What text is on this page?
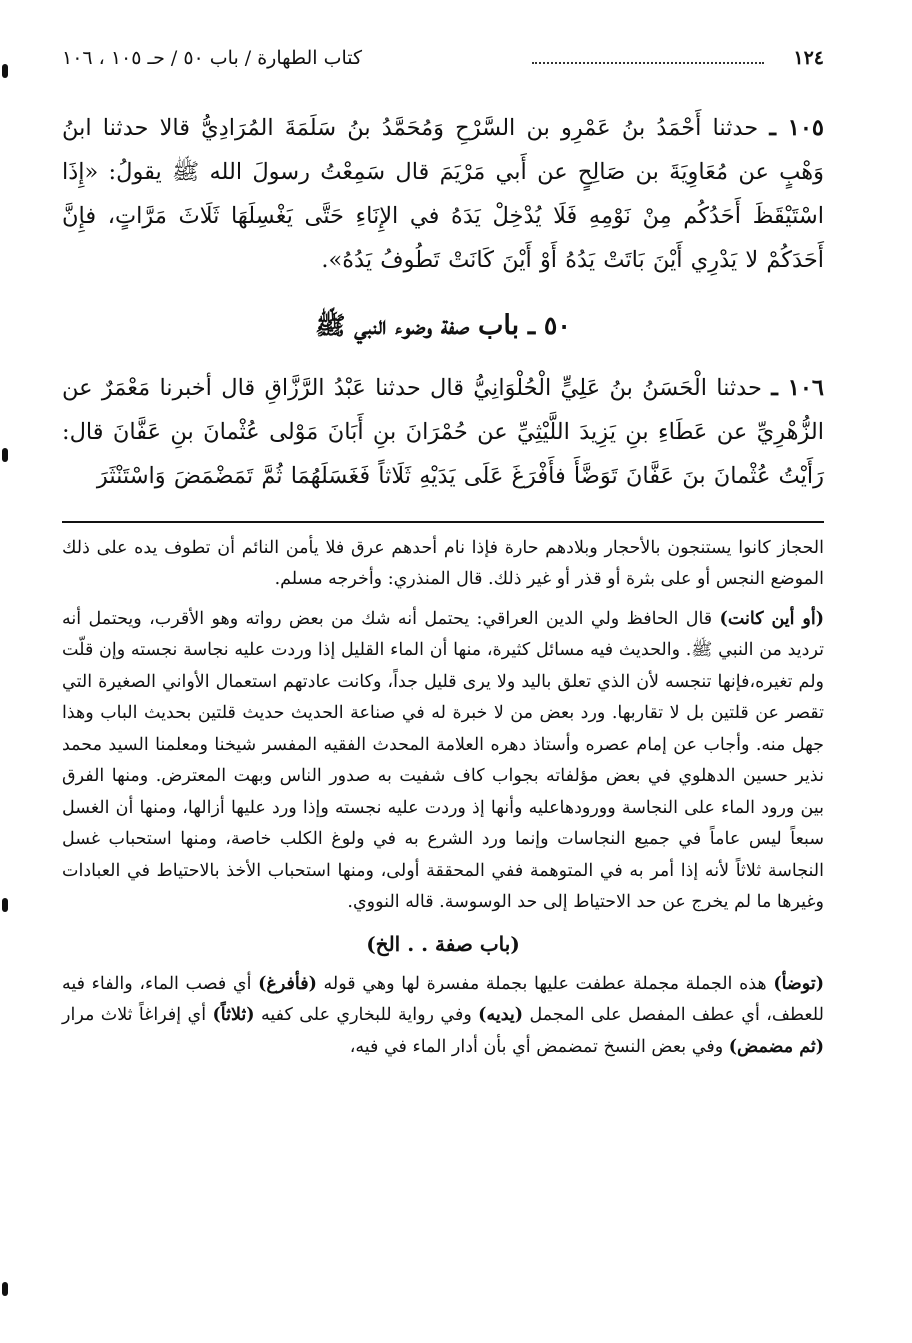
١٢٤
كتاب الطهارة / باب ٥٠ / حـ ١٠٥ ، ١٠٦

١٠٥ ـ حدثنا أَحْمَدُ بنُ عَمْرِو بن السَّرْحِ وَمُحَمَّدُ بنُ سَلَمَةَ المُرَادِيُّ قالا حدثنا ابنُ وَهْبٍ عن مُعَاوِيَةَ بن صَالِحٍ عن أَبي مَرْيَمَ قال سَمِعْتُ رسولَ الله ﷺ يقولُ: «إِذَا اسْتَيْقَظَ أَحَدُكُم مِنْ نَوْمِهِ فَلَا يُدْخِلْ يَدَهُ في الإِنَاءِ حَتَّى يَغْسِلَهَا ثَلَاثَ مَرَّاتٍ، فإِنَّ أَحَدَكُمْ لا يَدْرِي أَيْنَ بَاتَتْ يَدُهُ أَوْ أَيْنَ كَانَتْ تَطُوفُ يَدُهُ».

٥٠ ـ باب صفة وضوء النبي ﷺ

١٠٦ ـ حدثنا الْحَسَنُ بنُ عَلِيٍّ الْحُلْوَانِيُّ قال حدثنا عَبْدُ الرَّزَّاقِ قال أخبرنا مَعْمَرٌ عن الزُّهْرِيِّ عن عَطَاءِ بنِ يَزِيدَ اللَّيْثِيِّ عن حُمْرَانَ بنِ أَبَانَ مَوْلى عُثْمانَ بنِ عَفَّانَ قال: رَأَيْتُ عُثْمانَ بنَ عَفَّانَ تَوَضَّأَ فأَفْرَغَ عَلَى يَدَيْهِ ثَلَاثاً فَغَسَلَهُمَا ثُمَّ تَمَضْمَضَ وَاسْتَنْثَرَ

الحجاز كانوا يستنجون بالأحجار وبلادهم حارة فإذا نام أحدهم عرق فلا يأمن النائم أن تطوف يده على ذلك الموضع النجس أو على بثرة أو قذر أو غير ذلك. قال المنذري: وأخرجه مسلم.

(أو أين كانت) قال الحافظ ولي الدين العراقي: يحتمل أنه شك من بعض رواته وهو الأقرب، ويحتمل أنه ترديد من النبي ﷺ. والحديث فيه مسائل كثيرة، منها أن الماء القليل إذا وردت عليه نجاسة نجسته وإن قلّت ولم تغيره،فإنها تنجسه لأن الذي تعلق باليد ولا يرى قليل جداً، وكانت عادتهم استعمال الأواني الصغيرة التي تقصر عن قلتين بل لا تقاربها. ورد بعض من لا خبرة له في صناعة الحديث حديث قلتين بحديث الباب وهذا جهل منه. وأجاب عن إمام عصره وأستاذ دهره العلامة المحدث الفقيه المفسر شيخنا ومعلمنا السيد محمد نذير حسين الدهلوي في بعض مؤلفاته بجواب كاف شفيت به صدور الناس وبهت المعترض. ومنها الفرق بين ورود الماء على النجاسة وورودهاعليه وأنها إذ وردت عليه نجسته وإذا ورد عليها أزالها، ومنها أن الغسل سبعاً ليس عاماً في جميع النجاسات وإنما ورد الشرع به في ولوغ الكلب خاصة، ومنها استحباب غسل النجاسة ثلاثاً لأنه إذا أمر به في المتوهمة ففي المحققة أولى، ومنها استحباب الأخذ بالاحتياط في العبادات وغيرها ما لم يخرج عن حد الاحتياط إلى حد الوسوسة. قاله النووي.

(باب صفة . . الخ)

(توضأ) هذه الجملة مجملة عطفت عليها بجملة مفسرة لها وهي قوله (فأفرغ) أي فصب الماء، والفاء فيه للعطف، أي عطف المفصل على المجمل (يديه) وفي رواية للبخاري على كفيه (ثلاثاً) أي إفراغاً ثلاث مرار (ثم مضمض) وفي بعض النسخ تمضمض أي بأن أدار الماء في فيه،
